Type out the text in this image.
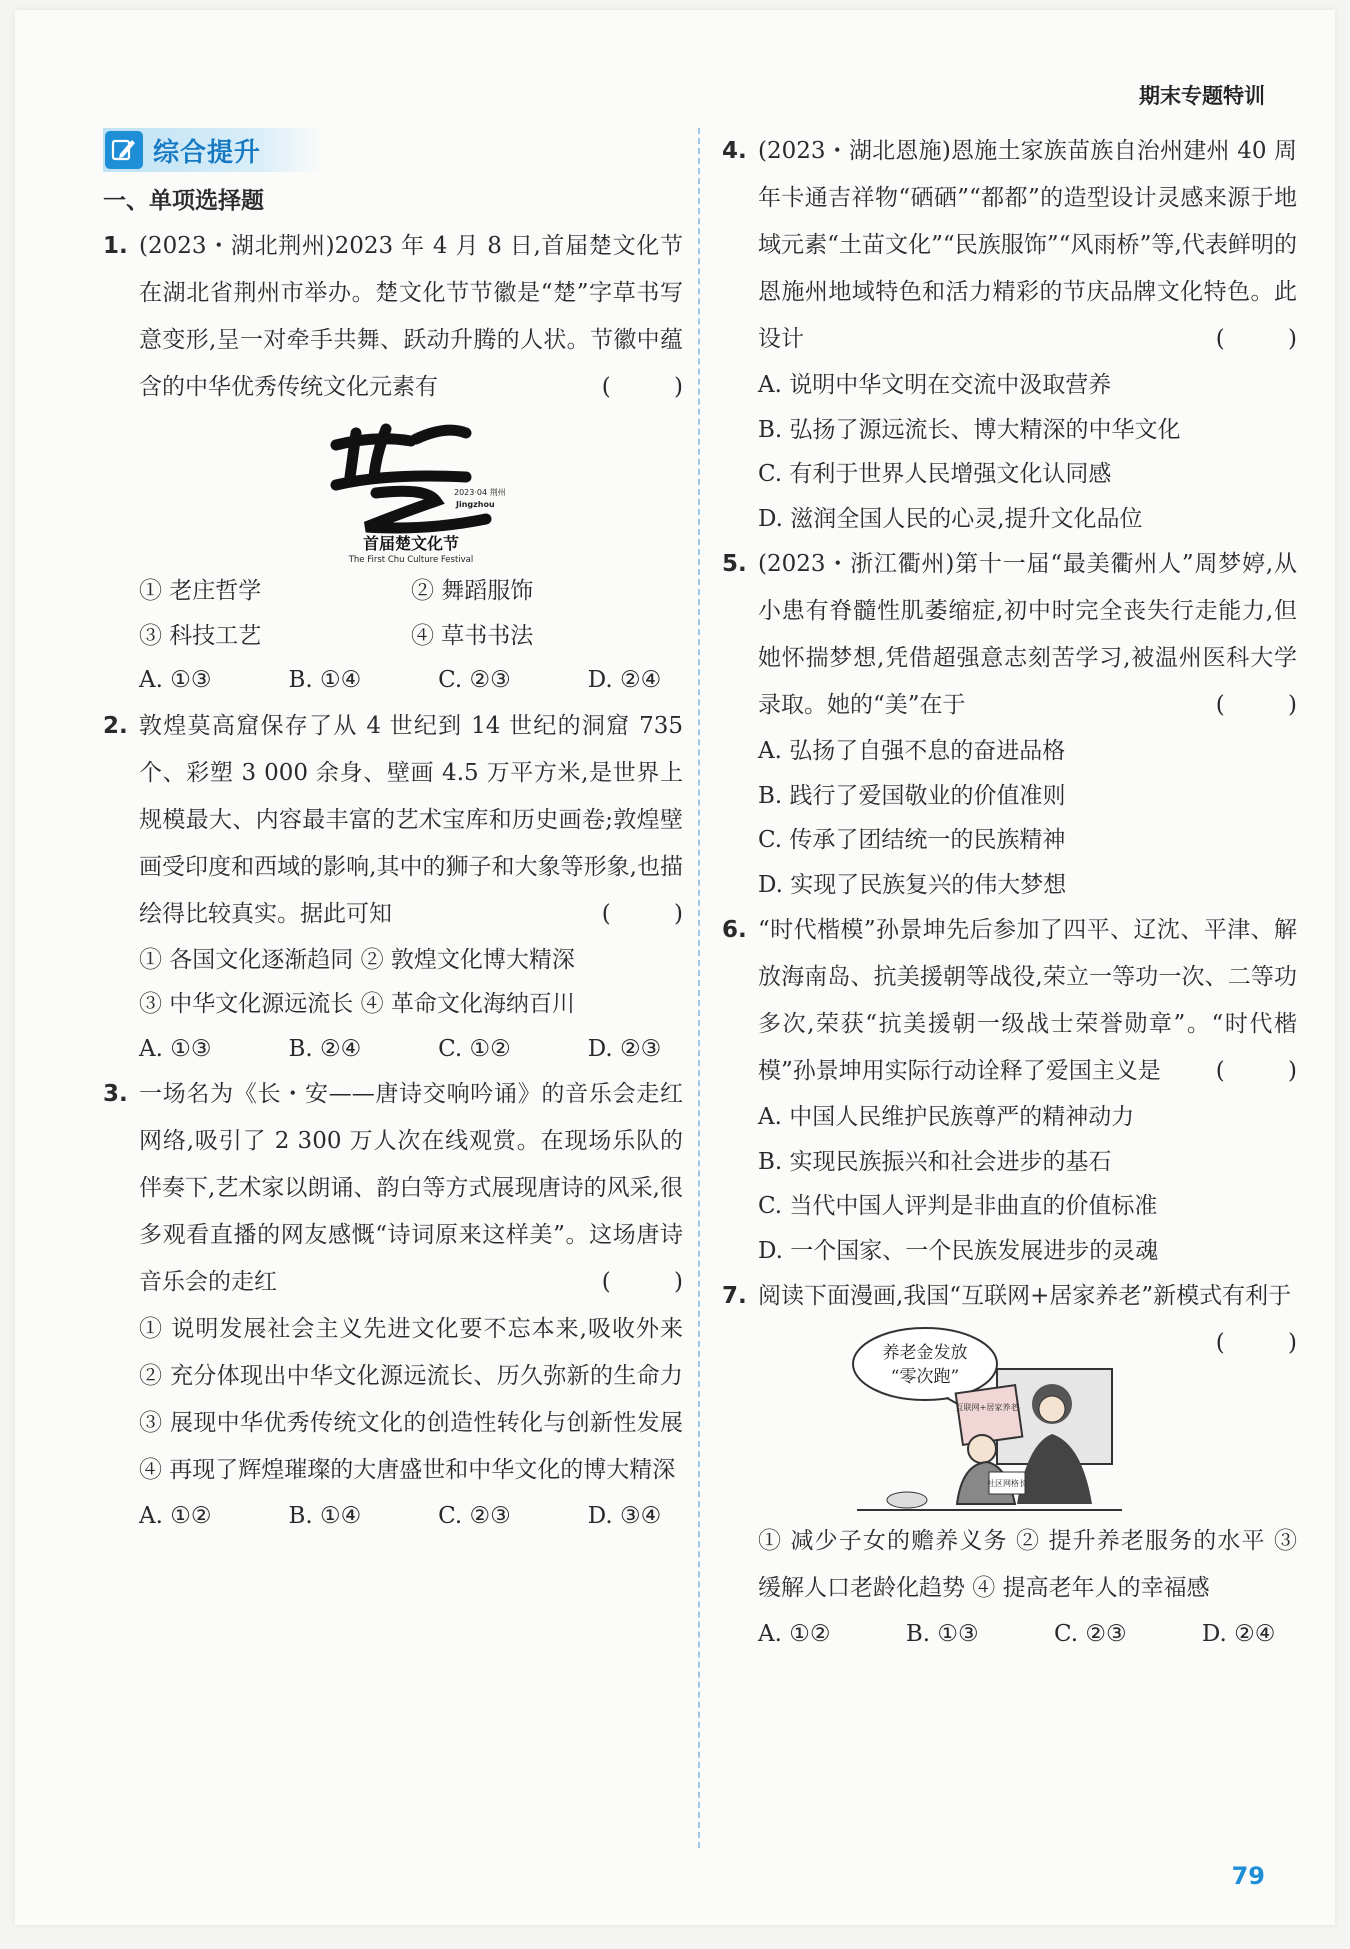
期末专题特训
综合提升
一、单项选择题
1. (2023・湖北荆州)2023 年 4 月 8 日,首届楚文化节在湖北省荆州市举办。楚文化节节徽是“楚”字草书写意变形,呈一对牵手共舞、跃动升腾的人状。节徽中蕴含的中华优秀传统文化元素有	( )
2023·04 荆州
Jingzhou
首届楚文化节
The First Chu Culture Festival
① 老庄哲学	② 舞蹈服饰
③ 科技工艺	④ 草书书法
A. ①③	B. ①④	C. ②③	D. ②④
2. 敦煌莫高窟保存了从 4 世纪到 14 世纪的洞窟 735 个、彩塑 3 000 余身、壁画 4.5 万平方米,是世界上规模最大、内容最丰富的艺术宝库和历史画卷;敦煌壁画受印度和西域的影响,其中的狮子和大象等形象,也描绘得比较真实。据此可知	( )
① 各国文化逐渐趋同 ② 敦煌文化博大精深
③ 中华文化源远流长 ④ 革命文化海纳百川
A. ①③	B. ②④	C. ①②	D. ②③
3. 一场名为《长・安——唐诗交响吟诵》的音乐会走红网络,吸引了 2 300 万人次在线观赏。在现场乐队的伴奏下,艺术家以朗诵、韵白等方式展现唐诗的风采,很多观看直播的网友感慨“诗词原来这样美”。这场唐诗音乐会的走红	( )
① 说明发展社会主义先进文化要不忘本来,吸收外来 ② 充分体现出中华文化源远流长、历久弥新的生命力 ③ 展现中华优秀传统文化的创造性转化与创新性发展 ④ 再现了辉煌璀璨的大唐盛世和中华文化的博大精深
A. ①②	B. ①④	C. ②③	D. ③④
4. (2023・湖北恩施)恩施土家族苗族自治州建州 40 周年卡通吉祥物“硒硒”“都都”的造型设计灵感来源于地域元素“土苗文化”“民族服饰”“风雨桥”等,代表鲜明的恩施州地域特色和活力精彩的节庆品牌文化特色。此设计	( )
A. 说明中华文明在交流中汲取营养
B. 弘扬了源远流长、博大精深的中华文化
C. 有利于世界人民增强文化认同感
D. 滋润全国人民的心灵,提升文化品位
5. (2023・浙江衢州)第十一届“最美衢州人”周梦婷,从小患有脊髓性肌萎缩症,初中时完全丧失行走能力,但她怀揣梦想,凭借超强意志刻苦学习,被温州医科大学录取。她的“美”在于	( )
A. 弘扬了自强不息的奋进品格
B. 践行了爱国敬业的价值准则
C. 传承了团结统一的民族精神
D. 实现了民族复兴的伟大梦想
6. “时代楷模”孙景坤先后参加了四平、辽沈、平津、解放海南岛、抗美援朝等战役,荣立一等功一次、二等功多次,荣获“抗美援朝一级战士荣誉勋章”。“时代楷模”孙景坤用实际行动诠释了爱国主义是 ( )
A. 中国人民维护民族尊严的精神动力
B. 实现民族振兴和社会进步的基石
C. 当代中国人评判是非曲直的价值标准
D. 一个国家、一个民族发展进步的灵魂
7. 阅读下面漫画,我国“互联网+居家养老”新模式有利于
( )
养老金发放
“零次跑”
互联网+居家养老
社区网格长
① 减少子女的赡养义务 ② 提升养老服务的水平 ③ 缓解人口老龄化趋势 ④ 提高老年人的幸福感
A. ①②	B. ①③	C. ②③	D. ②④
79
